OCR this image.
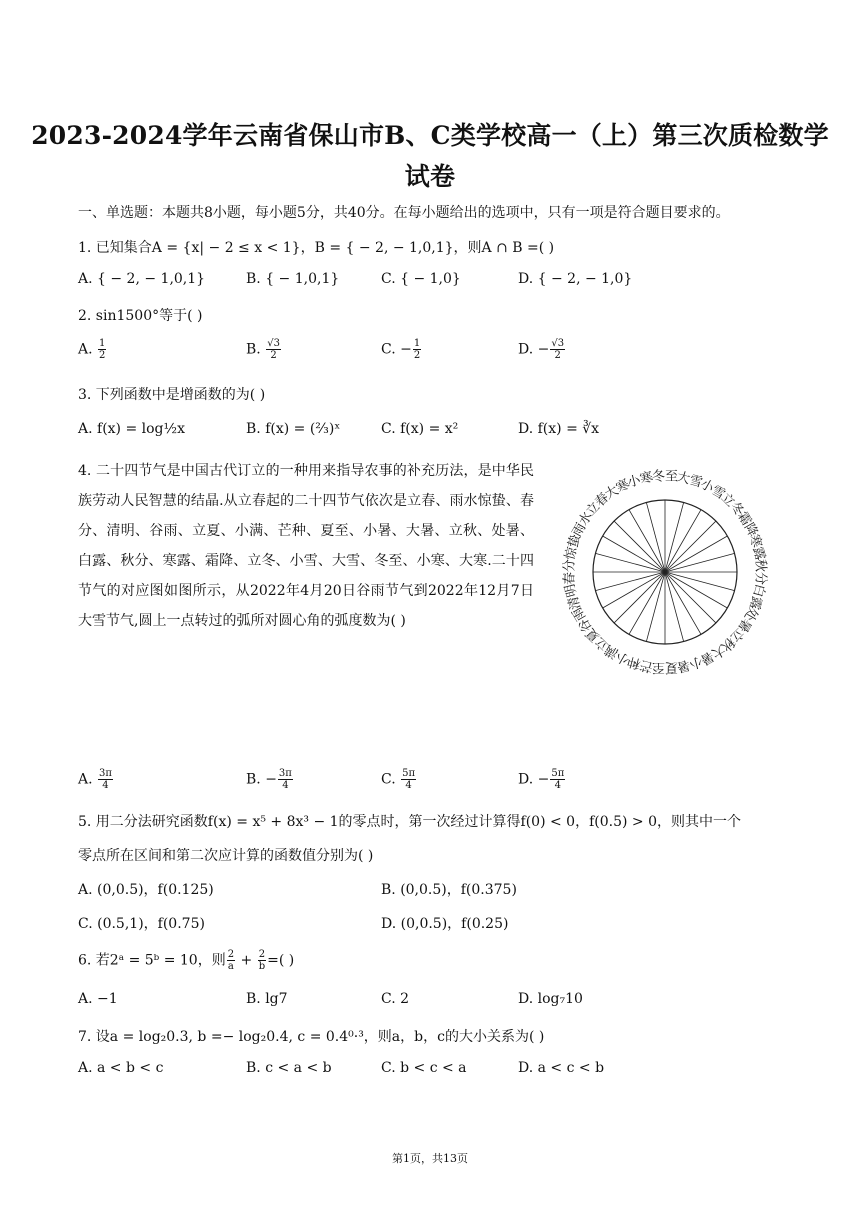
2023-2024学年云南省保山市B、C类学校高一（上）第三次质检数学
试卷
一、单选题：本题共8小题，每小题5分，共40分。在每小题给出的选项中，只有一项是符合题目要求的。
1. 已知集合A = {x| − 2 ≤ x < 1}，B = { − 2, − 1,0,1}，则A ∩ B =( )
A. { − 2, − 1,0,1}	B. { − 1,0,1}	C. { − 1,0}	D. { − 2, − 1,0}
2. sin1500°等于( )
A. $\frac{1}{2}$	B. $\frac{√3}{2}$	C. − $\frac{1}{2}$	D. − $\frac{√3}{2}$
3. 下列函数中是增函数的为( )
A. f(x) = log½x	B. f(x) = (⅔)ˣ	C. f(x) = x²	D. f(x) = ∛x
4. 二十四节气是中国古代订立的一种用来指导农事的补充历法，是中华民族劳动人民智慧的结晶.从立春起的二十四节气依次是立春、雨水惊蛰、春分、清明、谷雨、立夏、小满、芒种、夏至、小暑、大暑、立秋、处暑、白露、秋分、寒露、霜降、立冬、小雪、大雪、冬至、小寒、大寒.二十四节气的对应图如图所示，从2022年4月20日谷雨节气到2022年12月7日大雪节气,圆上一点转过的弧所对圆心角的弧度数为( )
秋分
寒露
霜降
立冬
小雪
大雪
冬至
小寒
大寒
立春
雨水
惊蛰
春分
清明
谷雨
立夏
小满
芒种
夏至
小暑
大暑
立秋
处暑
白露
A. $\frac{3\pi}{4}$	B. − $\frac{3\pi}{4}$	C. $\frac{5\pi}{4}$	D. − $\frac{5\pi}{4}$
5. 用二分法研究函数f(x) = x⁵ + 8x³ − 1的零点时，第一次经过计算得f(0) < 0，f(0.5) > 0，则其中一个
零点所在区间和第二次应计算的函数值分别为( )
A. (0,0.5)，f(0.125)	B. (0,0.5)，f(0.375)
C. (0.5,1)，f(0.75)	D. (0,0.5)，f(0.25)
6. 若2ᵃ = 5ᵇ = 10，则 $\frac{2}{a} + \frac{2}{b}$ =( )
A. −1	B. lg7	C. 2	D. log₇10
7. 设a = log₂0.3, b =− log₂0.4, c = 0.4⁰·³，则a，b，c的大小关系为( )
A. a < b < c	B. c < a < b	C. b < c < a	D. a < c < b
第1页，共13页
